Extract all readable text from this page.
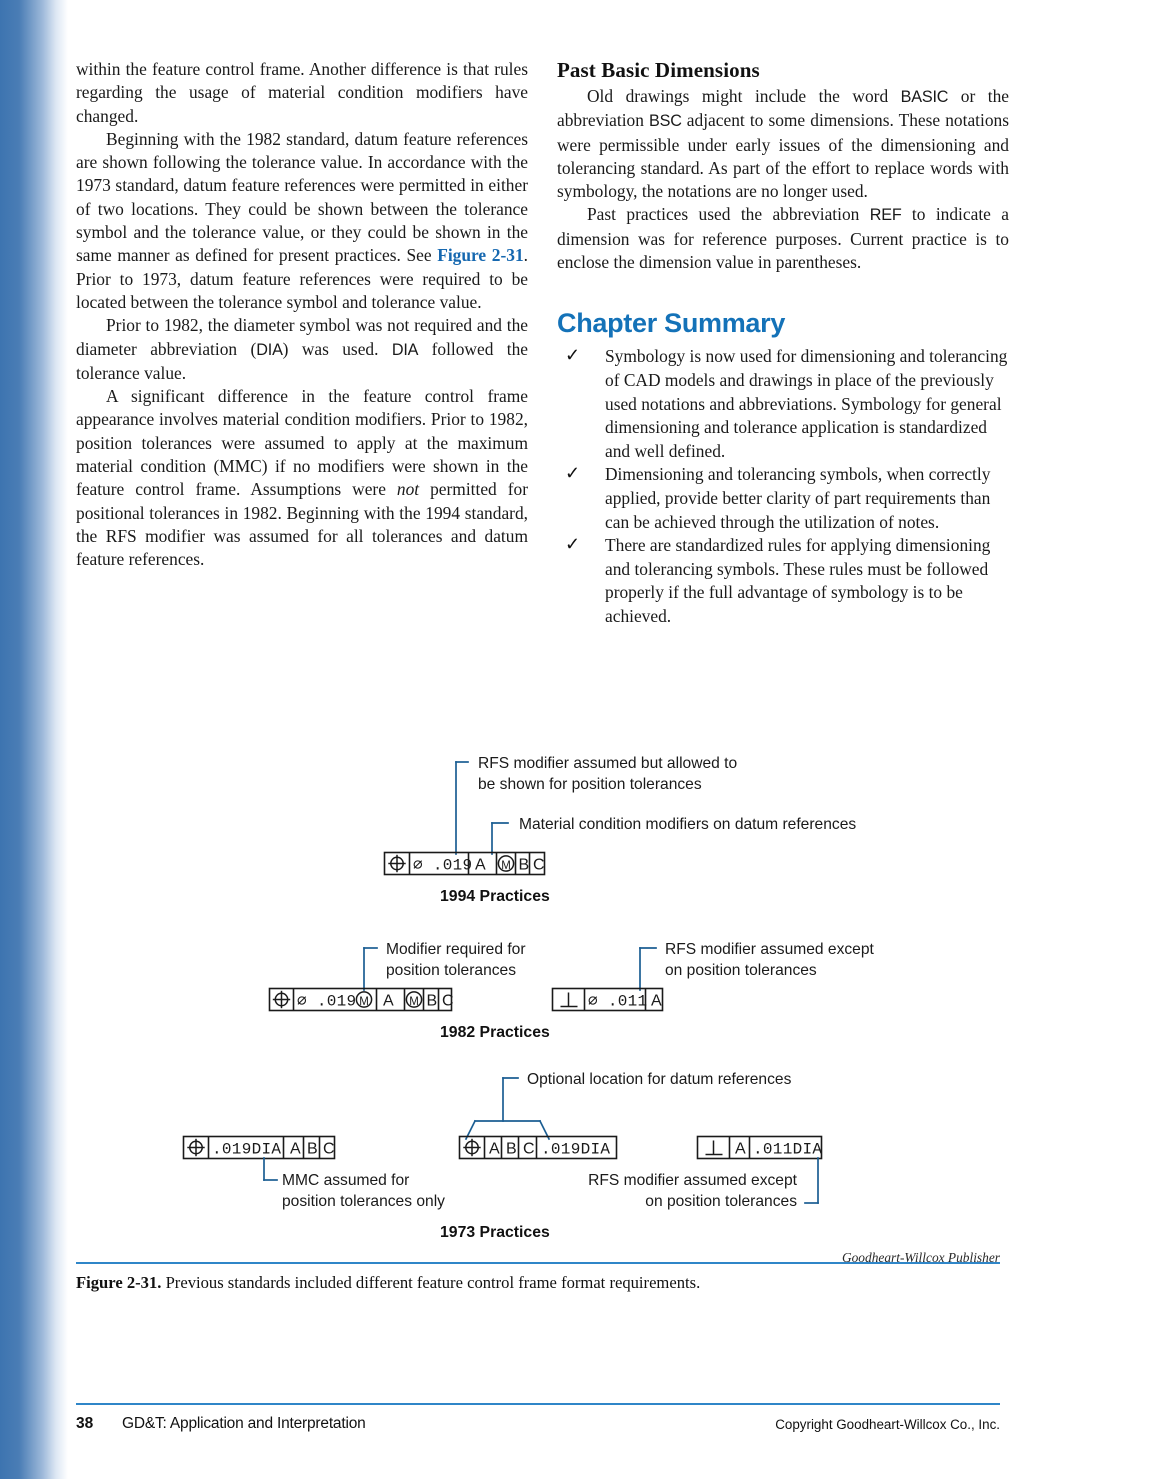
within the feature control frame. Another difference is that rules regarding the usage of material condition modifiers have changed.

Beginning with the 1982 standard, datum feature references are shown following the tolerance value. In accordance with the 1973 standard, datum feature references were permitted in either of two locations. They could be shown between the tolerance symbol and the tolerance value, or they could be shown in the same manner as defined for present practices. See Figure 2-31. Prior to 1973, datum feature references were required to be located between the tolerance symbol and tolerance value.

Prior to 1982, the diameter symbol was not required and the diameter abbreviation (DIA) was used. DIA followed the tolerance value.

A significant difference in the feature control frame appearance involves material condition modifiers. Prior to 1982, position tolerances were assumed to apply at the maximum material condition (MMC) if no modifiers were shown in the feature control frame. Assumptions were not permitted for positional tolerances in 1982. Beginning with the 1994 standard, the RFS modifier was assumed for all tolerances and datum feature references.

Past Basic Dimensions

Old drawings might include the word BASIC or the abbreviation BSC adjacent to some dimensions. These notations were permissible under early issues of the dimensioning and tolerancing standard. As part of the effort to replace words with symbology, the notations are no longer used.

Past practices used the abbreviation REF to indicate a dimension was for reference purposes. Current practice is to enclose the dimension value in parentheses.

Chapter Summary
✓ Symbology is now used for dimensioning and tolerancing of CAD models and drawings in place of the previously used notations and abbreviations. Symbology for general dimensioning and tolerance application is standardized and well defined.
✓ Dimensioning and tolerancing symbols, when correctly applied, provide better clarity of part requirements than can be achieved through the utilization of notes.
✓ There are standardized rules for applying dimensioning and tolerancing symbols. These rules must be followed properly if the full advantage of symbology is to be achieved.
RFS modifier assumed but allowed to
be shown for position tolerances
Material condition modifiers on datum references
⌀ .019 A M B C
1994 Practices
Modifier required for
position tolerances
RFS modifier assumed except
on position tolerances
⌀ .019 M A M B C	⌀ .011 A
1982 Practices
Optional location for datum references
.019DIA A B C
MMC assumed for
position tolerances only
A B C .019DIA	A .011DIA
RFS modifier assumed except
on position tolerances
1973 Practices
Goodheart-Willcox Publisher
Figure 2-31. Previous standards included different feature control frame format requirements.
38 GD&T: Application and Interpretation	Copyright Goodheart-Willcox Co., Inc.
